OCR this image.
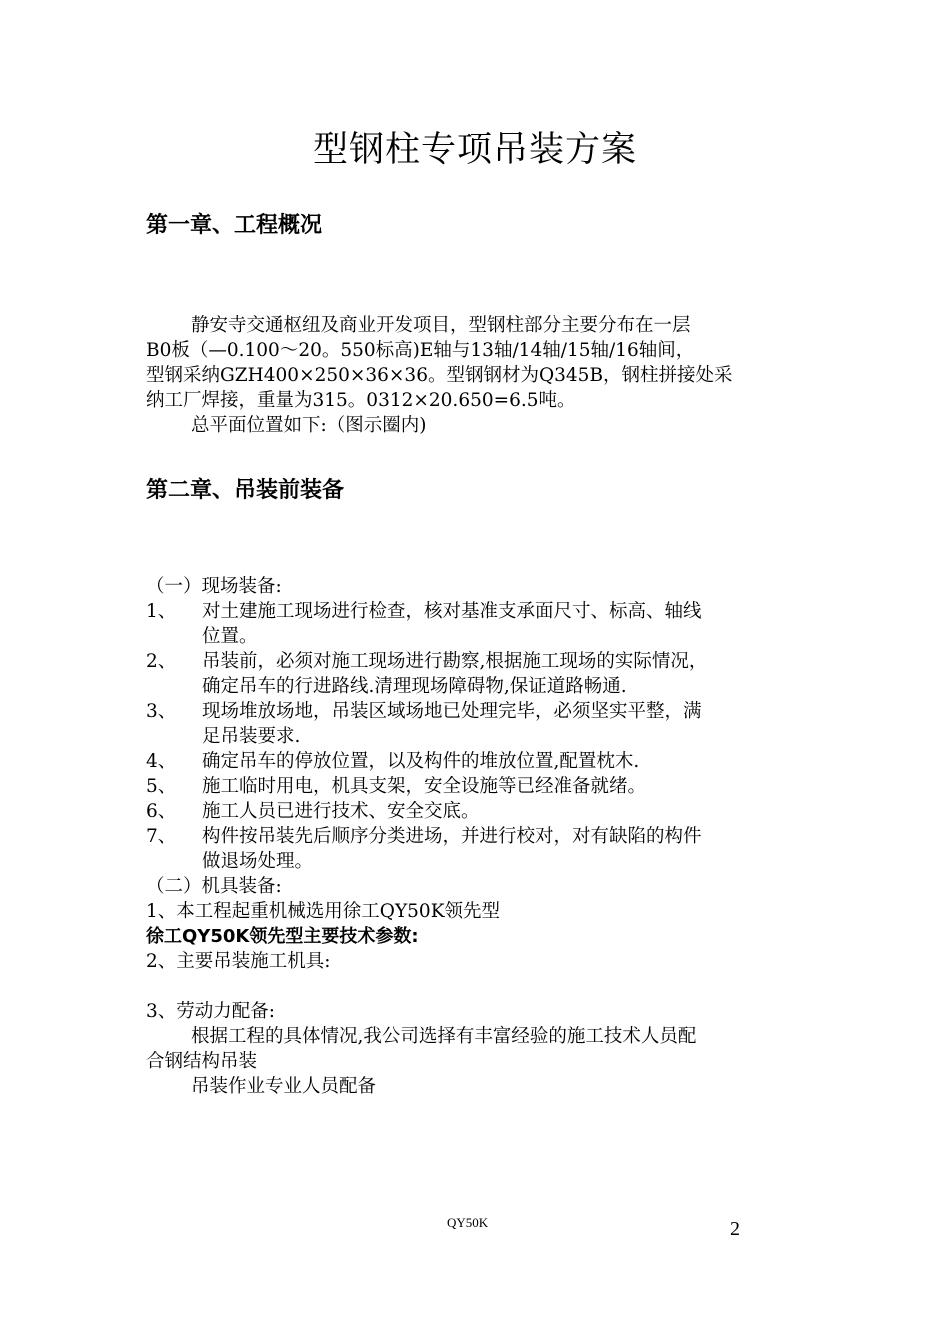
型钢柱专项吊装方案
第一章、工程概况
静安寺交通枢纽及商业开发项目，型钢柱部分主要分布在一层
B0板（—0.100～20。550标高)E轴与13轴/14轴/15轴/16轴间，
型钢采纳GZH400×250×36×36。型钢钢材为Q345B，钢柱拼接处采
纳工厂焊接，重量为315。0312×20.650=6.5吨。
总平面位置如下:（图示圈内)
第二章、吊装前装备
（一）现场装备:
1、 对土建施工现场进行检查，核对基准支承面尺寸、标高、轴线
位置。
2、 吊装前，必须对施工现场进行勘察,根据施工现场的实际情况，
确定吊车的行进路线.清理现场障碍物,保证道路畅通.
3、 现场堆放场地，吊装区域场地已处理完毕，必须坚实平整，满
足吊装要求.
4、 确定吊车的停放位置，以及构件的堆放位置,配置枕木.
5、 施工临时用电，机具支架，安全设施等已经准备就绪。
6、 施工人员已进行技术、安全交底。
7、 构件按吊装先后顺序分类进场，并进行校对，对有缺陷的构件
做退场处理。
（二）机具装备:
1、本工程起重机械选用徐工QY50K领先型
徐工QY50K领先型主要技术参数:
2、主要吊装施工机具:
3、劳动力配备:
根据工程的具体情况,我公司选择有丰富经验的施工技术人员配
合钢结构吊装
吊装作业专业人员配备
QY50K	2
